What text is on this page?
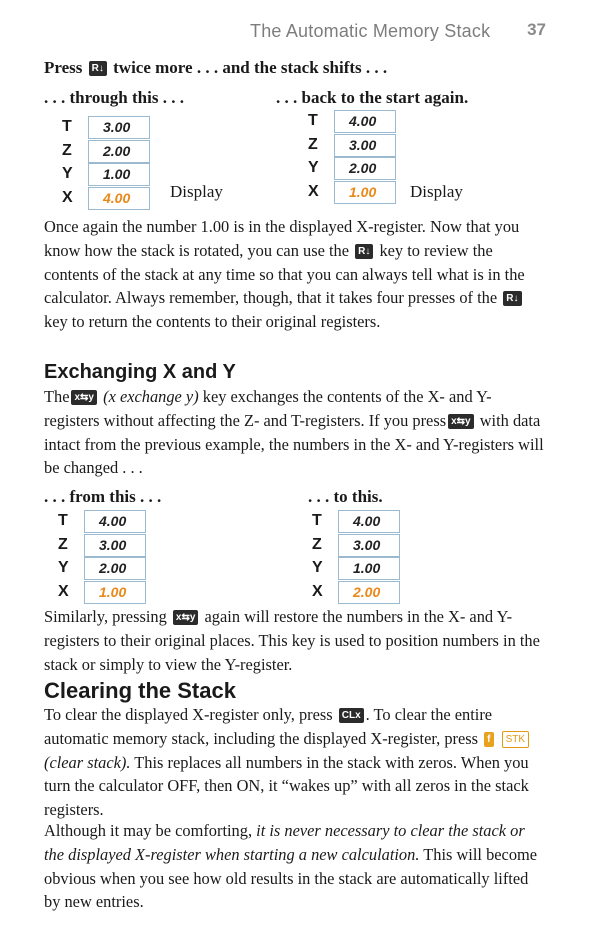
The Automatic Memory Stack 37
Press R↓ twice more . . . and the stack shifts . . .
. . . through this . . .	. . . back to the start again.
T	3.00
Z	2.00
Y	1.00
X	4.00 Display
T	4.00
Z	3.00
Y	2.00
X	1.00 Display
Once again the number 1.00 is in the displayed X-register. Now that you know how the stack is rotated, you can use the R↓ key to review the contents of the stack at any time so that you can always tell what is in the calculator. Always remember, though, that it takes four presses of the R↓ key to return the contents to their original registers.
Exchanging X and Y
The x⇆y (x exchange y) key exchanges the contents of the X- and Y-registers without affecting the Z- and T-registers. If you press x⇆y with data intact from the previous example, the numbers in the X- and Y-registers will be changed . . .
. . . from this . . .	. . . to this.
T	4.00
Z	3.00
Y	2.00
X	1.00
T	4.00
Z	3.00
Y	1.00
X	2.00
Similarly, pressing x⇆y again will restore the numbers in the X- and Y-registers to their original places. This key is used to position numbers in the stack or simply to view the Y-register.
Clearing the Stack
To clear the displayed X-register only, press CLx . To clear the entire automatic memory stack, including the displayed X-register, press f STK(clear stack). This replaces all numbers in the stack with zeros. When you turn the calculator OFF, then ON, it “wakes up” with all zeros in the stack registers.
Although it may be comforting, it is never necessary to clear the stack or the displayed X-register when starting a new calculation. This will become obvious when you see how old results in the stack are automatically lifted by new entries.
